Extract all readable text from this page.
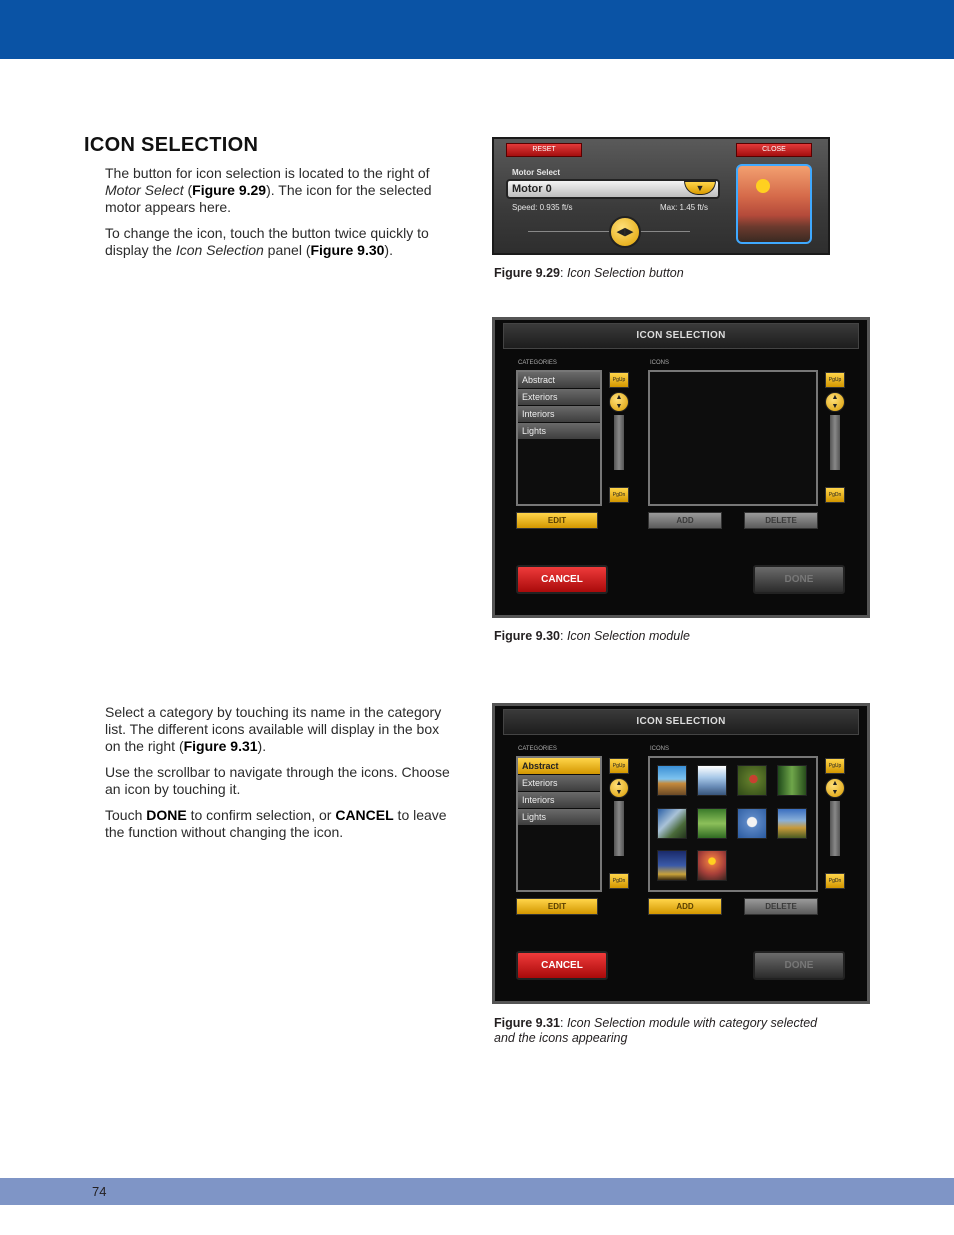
ICON SELECTION

The button for icon selection is located to the right of Motor Select (Figure 9.29). The icon for the selected motor appears here.

To change the icon, touch the button twice quickly to display the Icon Selection panel (Figure 9.30).

Select a category by touching its name in the category list. The different icons available will display in the box on the right (Figure 9.31).

Use the scrollbar to navigate through the icons. Choose an icon by touching it.

Touch DONE to confirm selection, or CANCEL to leave the function without changing the icon.

RESET	CLOSE
Motor Select
Motor 0	▼
Speed: 0.935 ft/s	Max: 1.45 ft/s
◀▶
Figure 9.29: Icon Selection button
ICON SELECTION
CATEGORIES	ICONS
Abstract
Exteriors
Interiors
Lights
PgUp
▲
▼
PgDn
PgUp
▲
▼
PgDn
EDIT	ADD	DELETE
CANCEL	DONE
Figure 9.30: Icon Selection module
ICON SELECTION
CATEGORIES	ICONS
Abstract
Exteriors
Interiors
Lights
PgUp
▲
▼
PgDn
PgUp
▲
▼
PgDn
EDIT	ADD	DELETE
CANCEL	DONE
Figure 9.31: Icon Selection module with category selected and the icons appearing
74
